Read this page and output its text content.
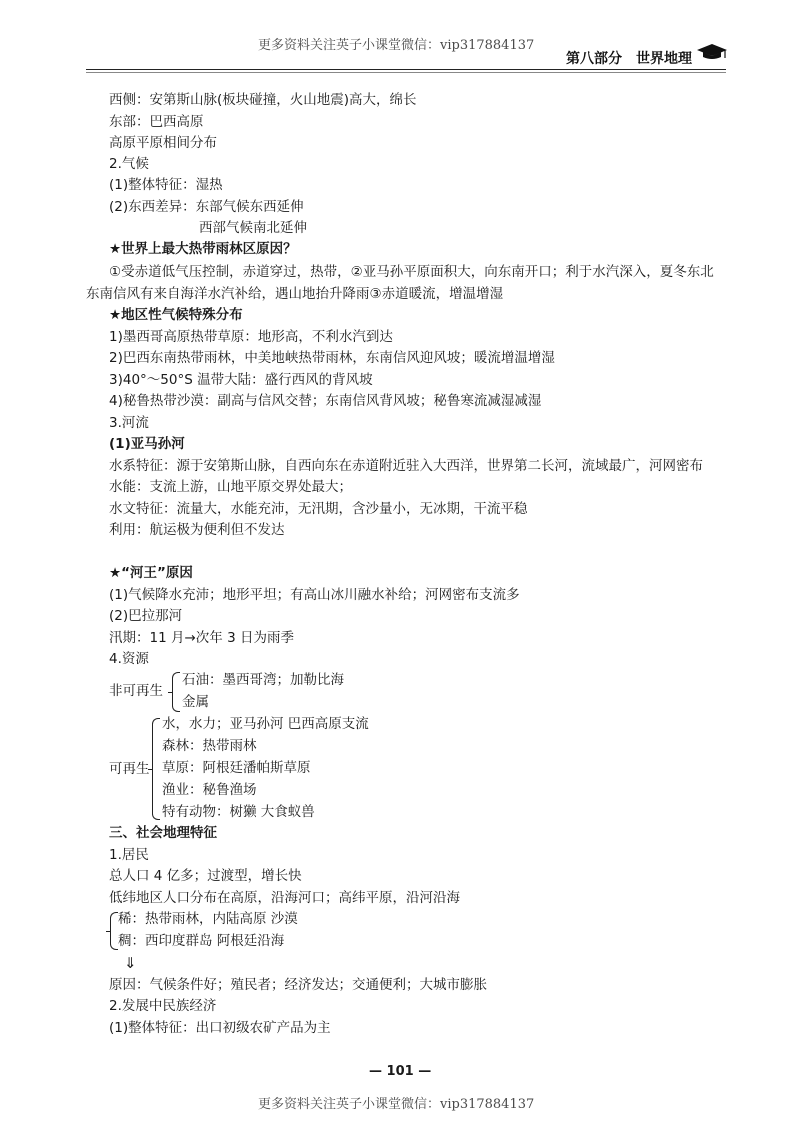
更多资料关注英子小课堂微信：vip317884137
第八部分 世界地理
西侧：安第斯山脉(板块碰撞，火山地震)高大，绵长
东部：巴西高原
高原平原相间分布
2.气候
(1)整体特征：湿热
(2)东西差异：东部气候东西延伸
西部气候南北延伸
★世界上最大热带雨林区原因？
①受赤道低气压控制，赤道穿过，热带，②亚马孙平原面积大，向东南开口；利于水汽深入，夏冬东北
东南信风有来自海洋水汽补给，遇山地抬升降雨③赤道暖流，增温增湿
★地区性气候特殊分布
1)墨西哥高原热带草原：地形高，不利水汽到达
2)巴西东南热带雨林，中美地峡热带雨林，东南信风迎风坡；暖流增温增湿
3)40°～50°S 温带大陆：盛行西风的背风坡
4)秘鲁热带沙漠：副高与信风交替；东南信风背风坡；秘鲁寒流减湿减湿
3.河流
(1)亚马孙河
水系特征：源于安第斯山脉，自西向东在赤道附近驻入大西洋，世界第二长河，流域最广，河网密布
水能：支流上游，山地平原交界处最大；
水文特征：流量大，水能充沛，无汛期，含沙量小，无冰期，干流平稳
利用：航运极为便利但不发达
★“河王”原因
(1)气候降水充沛；地形平坦；有高山冰川融水补给；河网密布支流多
(2)巴拉那河
汛期：11 月→次年 3 日为雨季
4.资源
非可再生
石油：墨西哥湾；加勒比海
金属
可再生
水，水力；亚马孙河 巴西高原支流
森林：热带雨林
草原：阿根廷潘帕斯草原
渔业：秘鲁渔场
特有动物：树獭 大食蚁兽
三、社会地理特征
1.居民
总人口 4 亿多；过渡型，增长快
低纬地区人口分布在高原，沿海河口；高纬平原，沿河沿海
稀：热带雨林，内陆高原 沙漠
稠：西印度群岛 阿根廷沿海
⇓
原因：气候条件好；殖民者；经济发达；交通便利；大城市膨胀
2.发展中民族经济
(1)整体特征：出口初级农矿产品为主
— 101 —
更多资料关注英子小课堂微信：vip317884137
